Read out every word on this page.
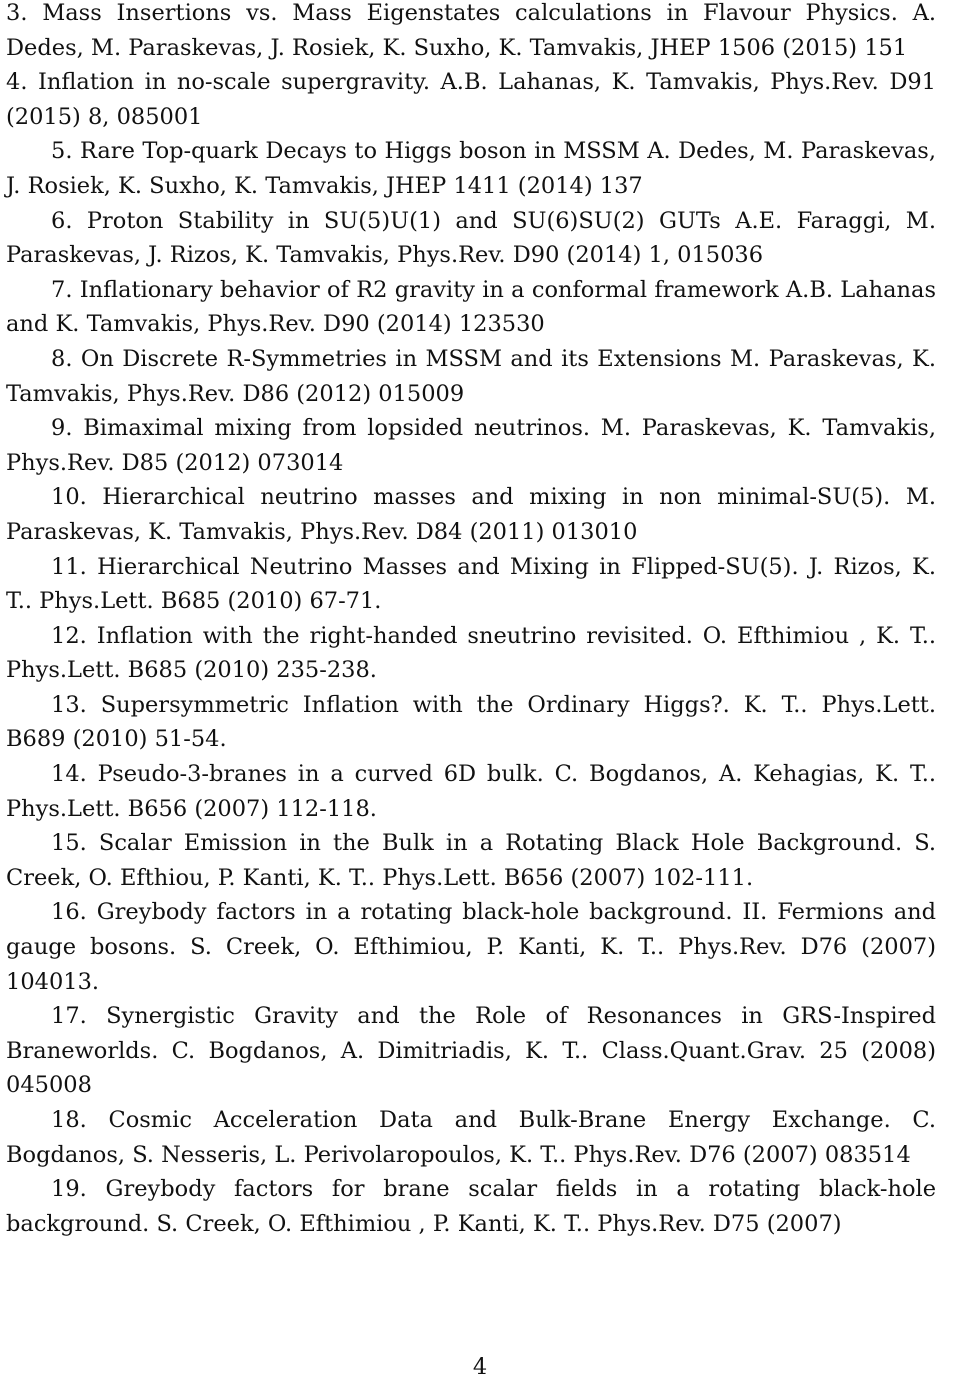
3. Mass Insertions vs. Mass Eigenstates calculations in Flavour Physics. A. Dedes, M. Paraskevas, J. Rosiek, K. Suxho, K. Tamvakis, JHEP 1506 (2015) 151

4. Inflation in no-scale supergravity. A.B. Lahanas, K. Tamvakis, Phys.Rev. D91 (2015) 8, 085001

5. Rare Top-quark Decays to Higgs boson in MSSM A. Dedes, M. Paraskevas, J. Rosiek, K. Suxho, K. Tamvakis, JHEP 1411 (2014) 137

6. Proton Stability in SU(5)U(1) and SU(6)SU(2) GUTs A.E. Faraggi, M. Paraskevas, J. Rizos, K. Tamvakis, Phys.Rev. D90 (2014) 1, 015036

7. Inflationary behavior of R2 gravity in a conformal framework A.B. Lahanas and K. Tamvakis, Phys.Rev. D90 (2014) 123530

8. On Discrete R-Symmetries in MSSM and its Extensions M. Paraskevas, K. Tamvakis, Phys.Rev. D86 (2012) 015009

9. Bimaximal mixing from lopsided neutrinos. M. Paraskevas, K. Tamvakis, Phys.Rev. D85 (2012) 073014

10. Hierarchical neutrino masses and mixing in non minimal-SU(5). M. Paraskevas, K. Tamvakis, Phys.Rev. D84 (2011) 013010

11. Hierarchical Neutrino Masses and Mixing in Flipped-SU(5). J. Rizos, K. T.. Phys.Lett. B685 (2010) 67-71.

12. Inflation with the right-handed sneutrino revisited. O. Efthimiou , K. T.. Phys.Lett. B685 (2010) 235-238.

13. Supersymmetric Inflation with the Ordinary Higgs?. K. T.. Phys.Lett. B689 (2010) 51-54.

14. Pseudo-3-branes in a curved 6D bulk. C. Bogdanos, A. Kehagias, K. T.. Phys.Lett. B656 (2007) 112-118.

15. Scalar Emission in the Bulk in a Rotating Black Hole Background. S. Creek, O. Efthiou, P. Kanti, K. T.. Phys.Lett. B656 (2007) 102-111.

16. Greybody factors in a rotating black-hole background. II. Fermions and gauge bosons. S. Creek, O. Efthimiou, P. Kanti, K. T.. Phys.Rev. D76 (2007) 104013.

17. Synergistic Gravity and the Role of Resonances in GRS-Inspired Braneworlds. C. Bogdanos, A. Dimitriadis, K. T.. Class.Quant.Grav. 25 (2008) 045008

18. Cosmic Acceleration Data and Bulk-Brane Energy Exchange. C. Bogdanos, S. Nesseris, L. Perivolaropoulos, K. T.. Phys.Rev. D76 (2007) 083514

19. Greybody factors for brane scalar fields in a rotating black-hole background. S. Creek, O. Efthimiou , P. Kanti, K. T.. Phys.Rev. D75 (2007)

4
